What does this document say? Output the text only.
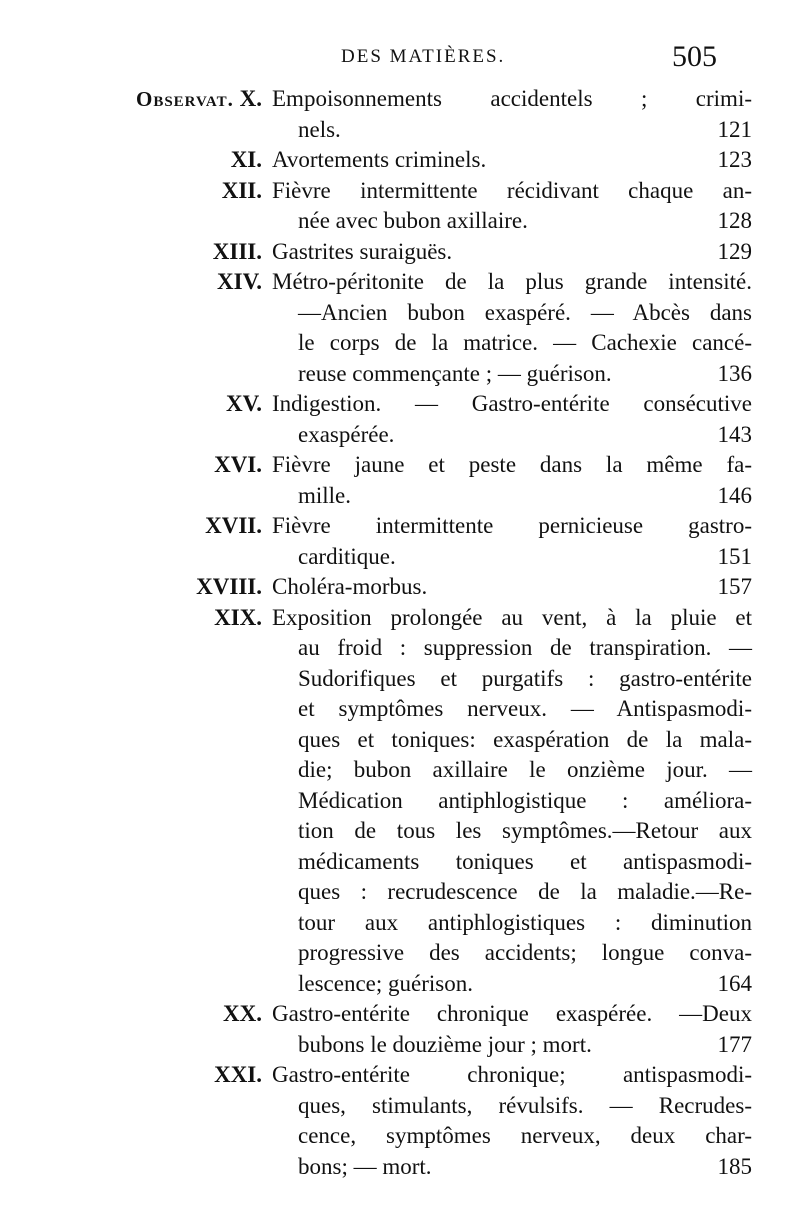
DES MATIÈRES.	505
Observat. X. Empoisonnements accidentels ; crimi-
nels.	121
XI. Avortements criminels.	123
XII. Fièvre intermittente récidivant chaque an-
née avec bubon axillaire.	128
XIII. Gastrites suraiguës.	129
XIV. Métro-péritonite de la plus grande intensité.
—Ancien bubon exaspéré. — Abcès dans
le corps de la matrice. — Cachexie cancé-
reuse commençante ; — guérison.	136
XV. Indigestion. — Gastro-entérite consécutive
exaspérée.	143
XVI. Fièvre jaune et peste dans la même fa-
mille.	146
XVII. Fièvre intermittente pernicieuse gastro-
carditique.	151
XVIII. Choléra-morbus.	157
XIX. Exposition prolongée au vent, à la pluie et
au froid : suppression de transpiration. —
Sudorifiques et purgatifs : gastro-entérite
et symptômes nerveux. — Antispasmodi-
ques et toniques: exaspération de la mala-
die; bubon axillaire le onzième jour. —
Médication antiphlogistique : améliora-
tion de tous les symptômes.—Retour aux
médicaments toniques et antispasmodi-
ques : recrudescence de la maladie.—Re-
tour aux antiphlogistiques : diminution
progressive des accidents; longue conva-
lescence; guérison.	164
XX. Gastro-entérite chronique exaspérée. —Deux
bubons le douzième jour ; mort.	177
XXI. Gastro-entérite chronique; antispasmodi-
ques, stimulants, révulsifs. — Recrudes-
cence, symptômes nerveux, deux char-
bons; — mort.	185
